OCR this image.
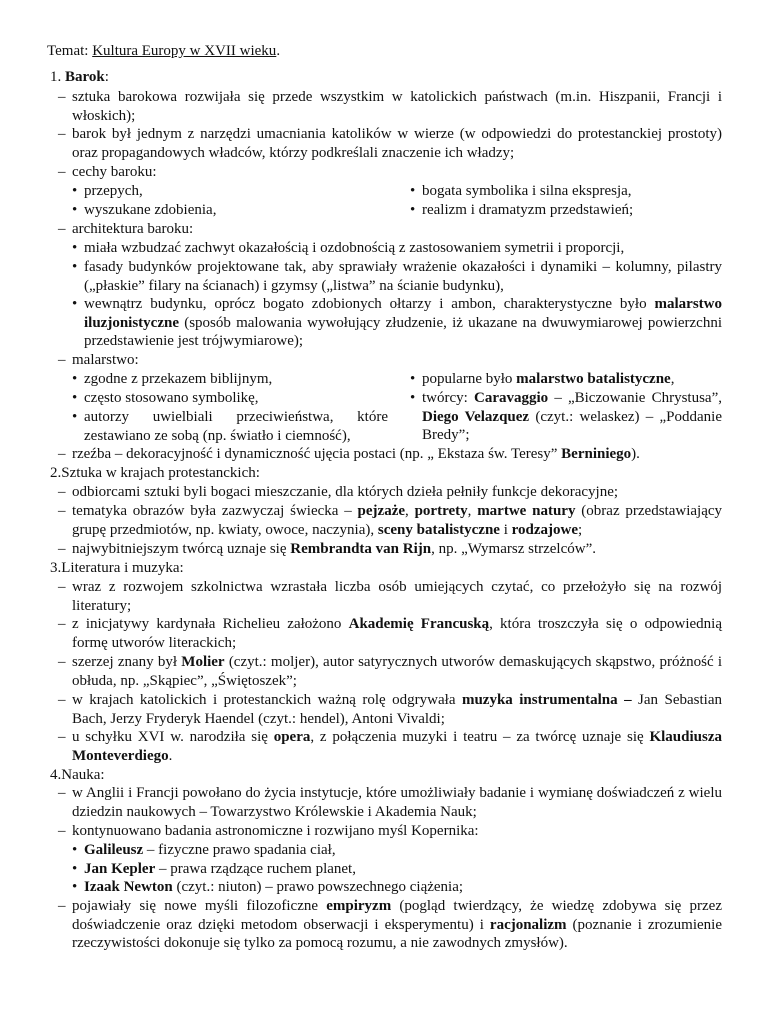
Temat: Kultura Europy w XVII wieku.
1. Barok:
– sztuka barokowa rozwijała się przede wszystkim w katolickich państwach (m.in. Hiszpanii, Francji i włoskich);
– barok był jednym z narzędzi umacniania katolików w wierze (w odpowiedzi do protestanckiej prostoty) oraz propagandowych władców, którzy podkreślali znaczenie ich władzy;
– cechy baroku:
• przepych,
• wyszukane zdobienia,
• bogata symbolika i silna ekspresja,
• realizm i dramatyzm przedstawień;
– architektura baroku:
• miała wzbudzać zachwyt okazałością i ozdobnością z zastosowaniem symetrii i proporcji,
• fasady budynków projektowane tak, aby sprawiały wrażenie okazałości i dynamiki – kolumny, pilastry („płaskie” filary na ścianach) i gzymsy („listwa” na ścianie budynku),
• wewnątrz budynku, oprócz bogato zdobionych ołtarzy i ambon, charakterystyczne było malarstwo iluzjonistyczne (sposób malowania wywołujący złudzenie, iż ukazane na dwuwymiarowej powierzchni przedstawienie jest trójwymiarowe);
– malarstwo:
• zgodne z przekazem biblijnym,
• często stosowano symbolikę,
• autorzy uwielbiali przeciwieństwa, które zestawiano ze sobą (np. światło i ciemność),
• popularne było malarstwo batalistyczne,
• twórcy: Caravaggio – „Biczowanie Chrystusa”, Diego Velazquez (czyt.: welaskez) – „Poddanie Bredy”;
– rzeźba – dekoracyjność i dynamiczność ujęcia postaci (np. „ Ekstaza św. Teresy” Berniniego).
2.Sztuka w krajach protestanckich:
– odbiorcami sztuki byli bogaci mieszczanie, dla których dzieła pełniły funkcje dekoracyjne;
– tematyka obrazów była zazwyczaj świecka – pejzaże, portrety, martwe natury (obraz przedstawiający grupę przedmiotów, np. kwiaty, owoce, naczynia), sceny batalistyczne i rodzajowe;
– najwybitniejszym twórcą uznaje się Rembrandta van Rijn, np. „Wymarsz strzelców”.
3.Literatura i muzyka:
– wraz z rozwojem szkolnictwa wzrastała liczba osób umiejących czytać, co przełożyło się na rozwój literatury;
– z inicjatywy kardynała Richelieu założono Akademię Francuską, która troszczyła się o odpowiednią formę utworów literackich;
– szerzej znany był Molier (czyt.: moljer), autor satyrycznych utworów demaskujących skąpstwo, próżność i obłuda, np. „Skąpiec”, „Świętoszek”;
– w krajach katolickich i protestanckich ważną rolę odgrywała muzyka instrumentalna – Jan Sebastian Bach, Jerzy Fryderyk Haendel (czyt.: hendel), Antoni Vivaldi;
– u schyłku XVI w. narodziła się opera, z połączenia muzyki i teatru – za twórcę uznaje się Klaudiusza Monteverdiego.
4.Nauka:
– w Anglii i Francji powołano do życia instytucje, które umożliwiały badanie i wymianę doświadczeń z wielu dziedzin naukowych – Towarzystwo Królewskie i Akademia Nauk;
– kontynuowano badania astronomiczne i rozwijano myśl Kopernika:
• Galileusz – fizyczne prawo spadania ciał,
• Jan Kepler – prawa rządzące ruchem planet,
• Izaak Newton (czyt.: niuton) – prawo powszechnego ciążenia;
– pojawiały się nowe myśli filozoficzne empiryzm (pogląd twierdzący, że wiedzę zdobywa się przez doświadczenie oraz dzięki metodom obserwacji i eksperymentu) i racjonalizm (poznanie i zrozumienie rzeczywistości dokonuje się tylko za pomocą rozumu, a nie zawodnych zmysłów).
